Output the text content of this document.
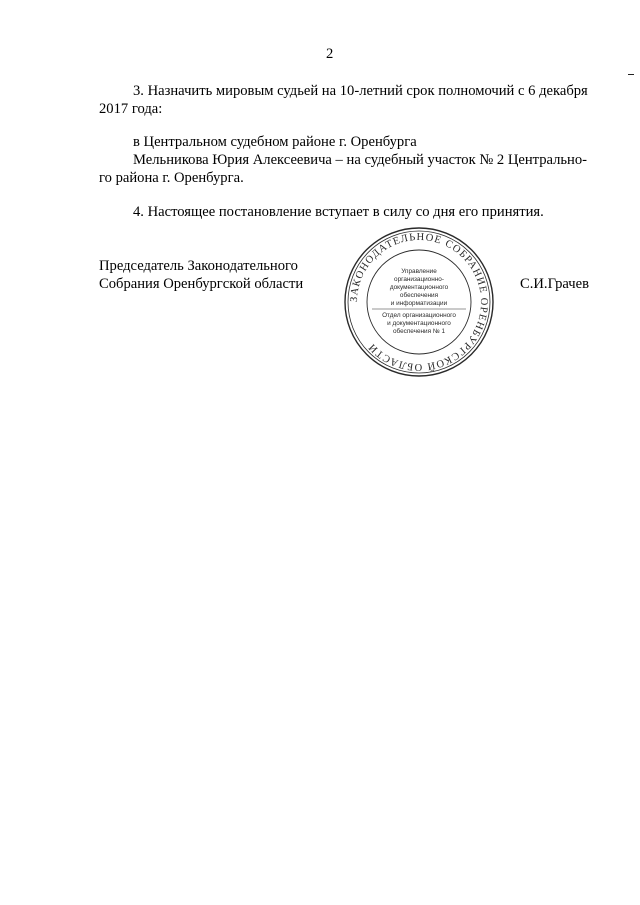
2
3. Назначить мировым судьей на 10-летний срок полномочий с 6 декабря
2017 года:
в Центральном судебном районе г. Оренбурга
Мельникова Юрия Алексеевича – на судебный участок № 2 Центрально-
го района г. Оренбурга.
4. Настоящее постановление вступает в силу со дня его принятия.
Председатель Законодательного
Собрания Оренбургской области	С.И.Грачев
ЗАКОНОДАТЕЛЬНОЕ СОБРАНИЕ ОРЕНБУРГСКОЙ ОБЛАСТИ
Управление
организационно-
документационного
обеспечения
и информатизации
Отдел организационного
и документационного
обеспечения № 1
